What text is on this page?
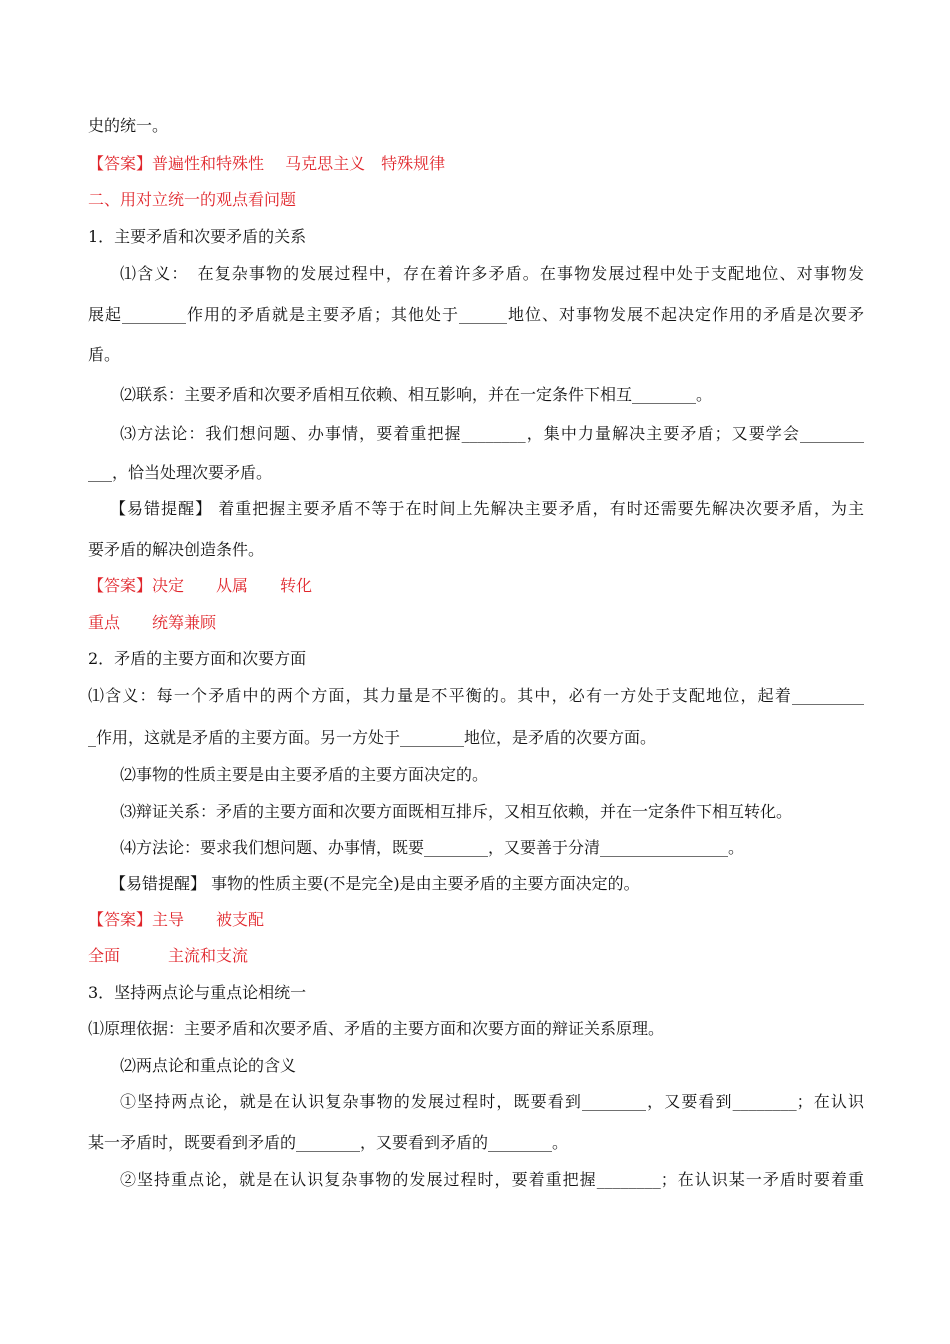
史的统一。
【答案】普遍性和特殊性　 马克思主义　特殊规律
二、用对立统一的观点看问题
1．主要矛盾和次要矛盾的关系
⑴含义：　在复杂事物的发展过程中，存在着许多矛盾。在事物发展过程中处于支配地位、对事物发
展起________作用的矛盾就是主要矛盾；其他处于______地位、对事物发展不起决定作用的矛盾是次要矛
盾。
⑵联系：主要矛盾和次要矛盾相互依赖、相互影响，并在一定条件下相互________。
⑶方法论：我们想问题、办事情，要着重把握________，集中力量解决主要矛盾；又要学会________
___，恰当处理次要矛盾。
【易错提醒】 着重把握主要矛盾不等于在时间上先解决主要矛盾，有时还需要先解决次要矛盾，为主
要矛盾的解决创造条件。
【答案】决定　　从属　　转化
重点　　统筹兼顾
2．矛盾的主要方面和次要方面
⑴含义：每一个矛盾中的两个方面，其力量是不平衡的。其中，必有一方处于支配地位，起着_________
_作用，这就是矛盾的主要方面。另一方处于________地位，是矛盾的次要方面。
⑵事物的性质主要是由主要矛盾的主要方面决定的。
⑶辩证关系：矛盾的主要方面和次要方面既相互排斥，又相互依赖，并在一定条件下相互转化。
⑷方法论：要求我们想问题、办事情，既要________，又要善于分清________________。
【易错提醒】 事物的性质主要(不是完全)是由主要矛盾的主要方面决定的。
【答案】主导　　被支配
全面　　　主流和支流
3．坚持两点论与重点论相统一
⑴原理依据：主要矛盾和次要矛盾、矛盾的主要方面和次要方面的辩证关系原理。
⑵两点论和重点论的含义
①坚持两点论，就是在认识复杂事物的发展过程时，既要看到________，又要看到________；在认识
某一矛盾时，既要看到矛盾的________，又要看到矛盾的________。
②坚持重点论，就是在认识复杂事物的发展过程时，要着重把握________；在认识某一矛盾时要着重
